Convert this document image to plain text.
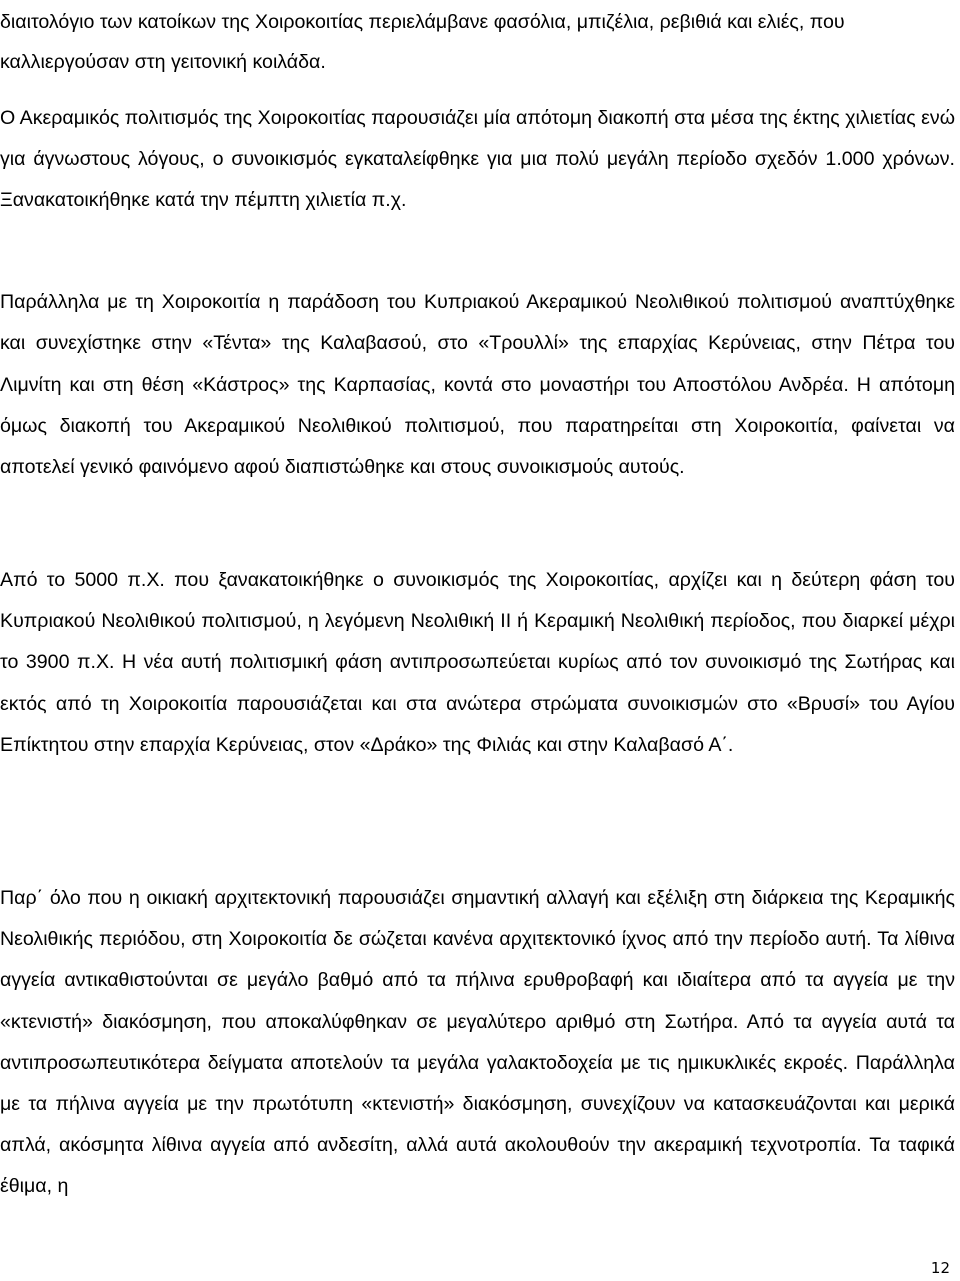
διαιτολόγιο των κατοίκων της Χοιροκοιτίας περιελάμβανε φασόλια, μπιζέλια, ρεβιθιά και ελιές, που καλλιεργούσαν στη γειτονική κοιλάδα.

Ο Ακεραμικός πολιτισμός της Χοιροκοιτίας παρουσιάζει μία απότομη διακοπή στα μέσα της έκτης χιλιετίας ενώ για άγνωστους λόγους, ο συνοικισμός εγκαταλείφθηκε για μια πολύ μεγάλη περίοδο σχεδόν 1.000 χρόνων. Ξανακατοικήθηκε κατά την πέμπτη χιλιετία π.χ.

Παράλληλα με τη Χοιροκοιτία η παράδοση του Κυπριακού Ακεραμικού Νεολιθικού πολιτισμού αναπτύχθηκε και συνεχίστηκε στην «Τέντα» της Καλαβασού, στο «Τρουλλί» της επαρχίας Κερύνειας, στην Πέτρα του Λιμνίτη και στη θέση «Κάστρος» της Καρπασίας, κοντά στο μοναστήρι του Αποστόλου Ανδρέα. Η απότομη όμως διακοπή του Ακεραμικού Νεολιθικού πολιτισμού, που παρατηρείται στη Χοιροκοιτία, φαίνεται να αποτελεί γενικό φαινόμενο αφού διαπιστώθηκε και στους συνοικισμούς αυτούς.

Από το 5000 π.Χ. που ξανακατοικήθηκε ο συνοικισμός της Χοιροκοιτίας, αρχίζει και η δεύτερη φάση του Κυπριακού Νεολιθικού πολιτισμού, η λεγόμενη Νεολιθική ΙΙ ή Κεραμική Νεολιθική περίοδος, που διαρκεί μέχρι το 3900 π.Χ. Η νέα αυτή πολιτισμική φάση αντιπροσωπεύεται κυρίως από τον συνοικισμό της Σωτήρας και εκτός από τη Χοιροκοιτία παρουσιάζεται και στα ανώτερα στρώματα συνοικισμών στο «Βρυσί» του Αγίου Επίκτητου στην επαρχία Κερύνειας, στον «Δράκο» της Φιλιάς και στην Καλαβασό Α΄.

Παρ΄ όλο που η οικιακή αρχιτεκτονική παρουσιάζει σημαντική αλλαγή και εξέλιξη στη διάρκεια της Κεραμικής Νεολιθικής περιόδου, στη Χοιροκοιτία δε σώζεται κανένα αρχιτεκτονικό ίχνος από την περίοδο αυτή. Τα λίθινα αγγεία αντικαθιστούνται σε μεγάλο βαθμό από τα πήλινα ερυθροβαφή και ιδιαίτερα από τα αγγεία με την «κτενιστή» διακόσμηση, που αποκαλύφθηκαν σε μεγαλύτερο αριθμό στη Σωτήρα. Από τα αγγεία αυτά τα αντιπροσωπευτικότερα δείγματα αποτελούν τα μεγάλα γαλακτοδοχεία με τις ημικυκλικές εκροές. Παράλληλα με τα πήλινα αγγεία με την πρωτότυπη «κτενιστή» διακόσμηση, συνεχίζουν να κατασκευάζονται και μερικά απλά, ακόσμητα λίθινα αγγεία από ανδεσίτη, αλλά αυτά ακολουθούν την ακεραμική τεχνοτροπία. Τα ταφικά έθιμα, η

12
